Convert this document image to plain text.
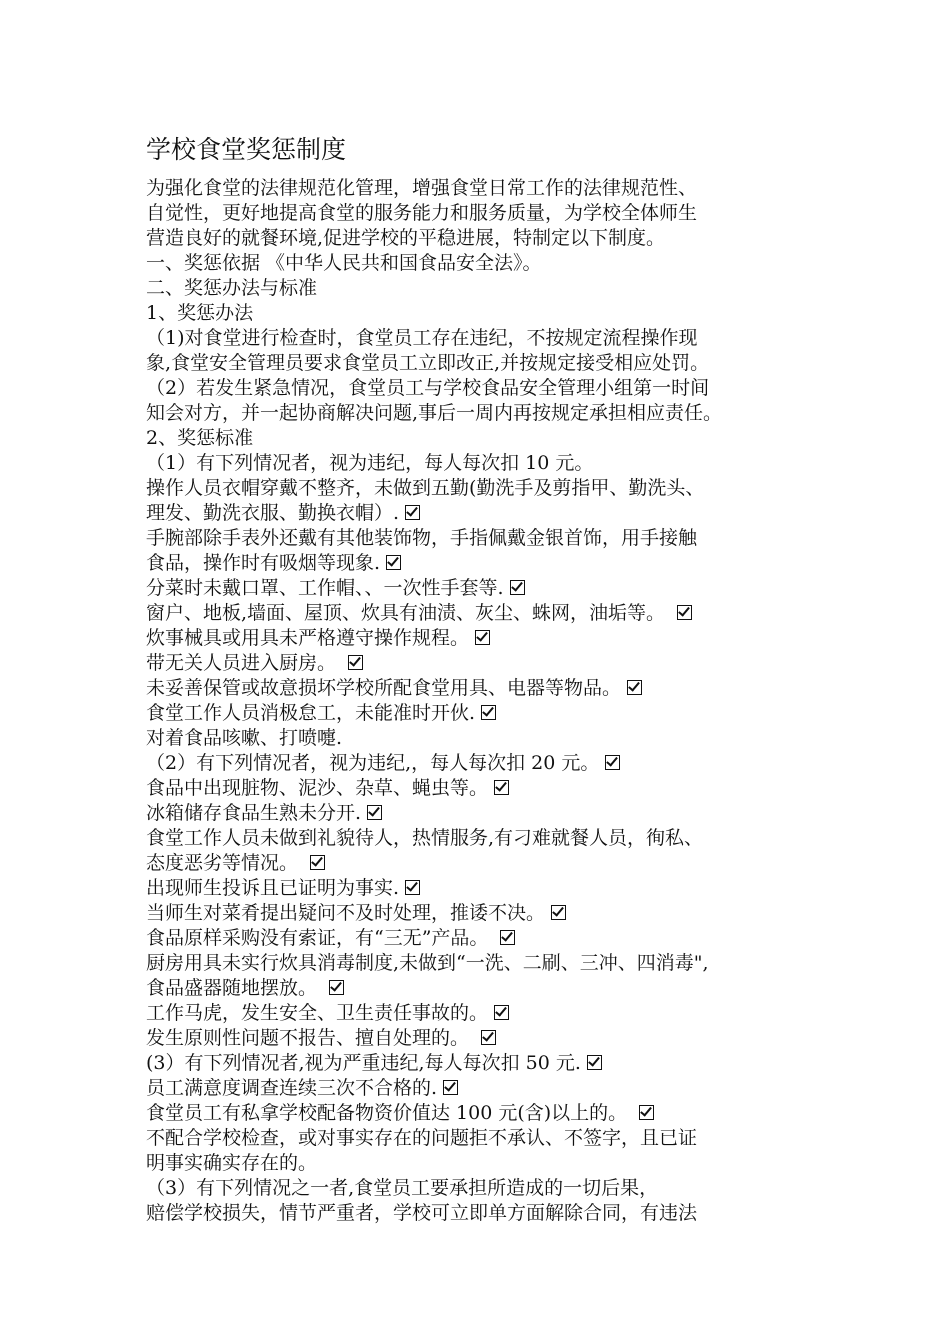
学校食堂奖惩制度
为强化食堂的法律规范化管理，增强食堂日常工作的法律规范性、
自觉性，更好地提高食堂的服务能力和服务质量，为学校全体师生
营造良好的就餐环境,促进学校的平稳进展，特制定以下制度。
一、奖惩依据 《中华人民共和国食品安全法》。
二、奖惩办法与标准
1、奖惩办法
（1)对食堂进行检查时，食堂员工存在违纪，不按规定流程操作现
象,食堂安全管理员要求食堂员工立即改正,并按规定接受相应处罚。
（2）若发生紧急情况，食堂员工与学校食品安全管理小组第一时间
知会对方，并一起协商解决问题,事后一周内再按规定承担相应责任。
2、奖惩标准
（1）有下列情况者，视为违纪，每人每次扣 10 元。
操作人员衣帽穿戴不整齐，未做到五勤(勤洗手及剪指甲、勤洗头、
理发、勤洗衣服、勤换衣帽）.
手腕部除手表外还戴有其他装饰物，手指佩戴金银首饰，用手接触
食品，操作时有吸烟等现象.
分菜时未戴口罩、工作帽、、一次性手套等.
窗户、地板,墙面、屋顶、炊具有油渍、灰尘、蛛网，油垢等。
炊事械具或用具未严格遵守操作规程。
带无关人员进入厨房。
未妥善保管或故意损坏学校所配食堂用具、电器等物品。
食堂工作人员消极怠工，未能准时开伙.
对着食品咳嗽、打喷嚏.
（2）有下列情况者，视为违纪,，每人每次扣 20 元。
食品中出现脏物、泥沙、杂草、蝇虫等。
冰箱储存食品生熟未分开.
食堂工作人员未做到礼貌待人，热情服务,有刁难就餐人员，徇私、
态度恶劣等情况。
出现师生投诉且已证明为事实.
当师生对菜肴提出疑问不及时处理，推诿不决。
食品原样采购没有索证，有“三无”产品。
厨房用具未实行炊具消毒制度,未做到“一洗、二刷、三冲、四消毒",
食品盛器随地摆放。
工作马虎，发生安全、卫生责任事故的。
发生原则性问题不报告、擅自处理的。
(3）有下列情况者,视为严重违纪,每人每次扣 50 元.
员工满意度调查连续三次不合格的.
食堂员工有私拿学校配备物资价值达 100 元(含)以上的。
不配合学校检查，或对事实存在的问题拒不承认、不签字，且已证
明事实确实存在的。
（3）有下列情况之一者,食堂员工要承担所造成的一切后果，
赔偿学校损失，情节严重者，学校可立即单方面解除合同，有违法
